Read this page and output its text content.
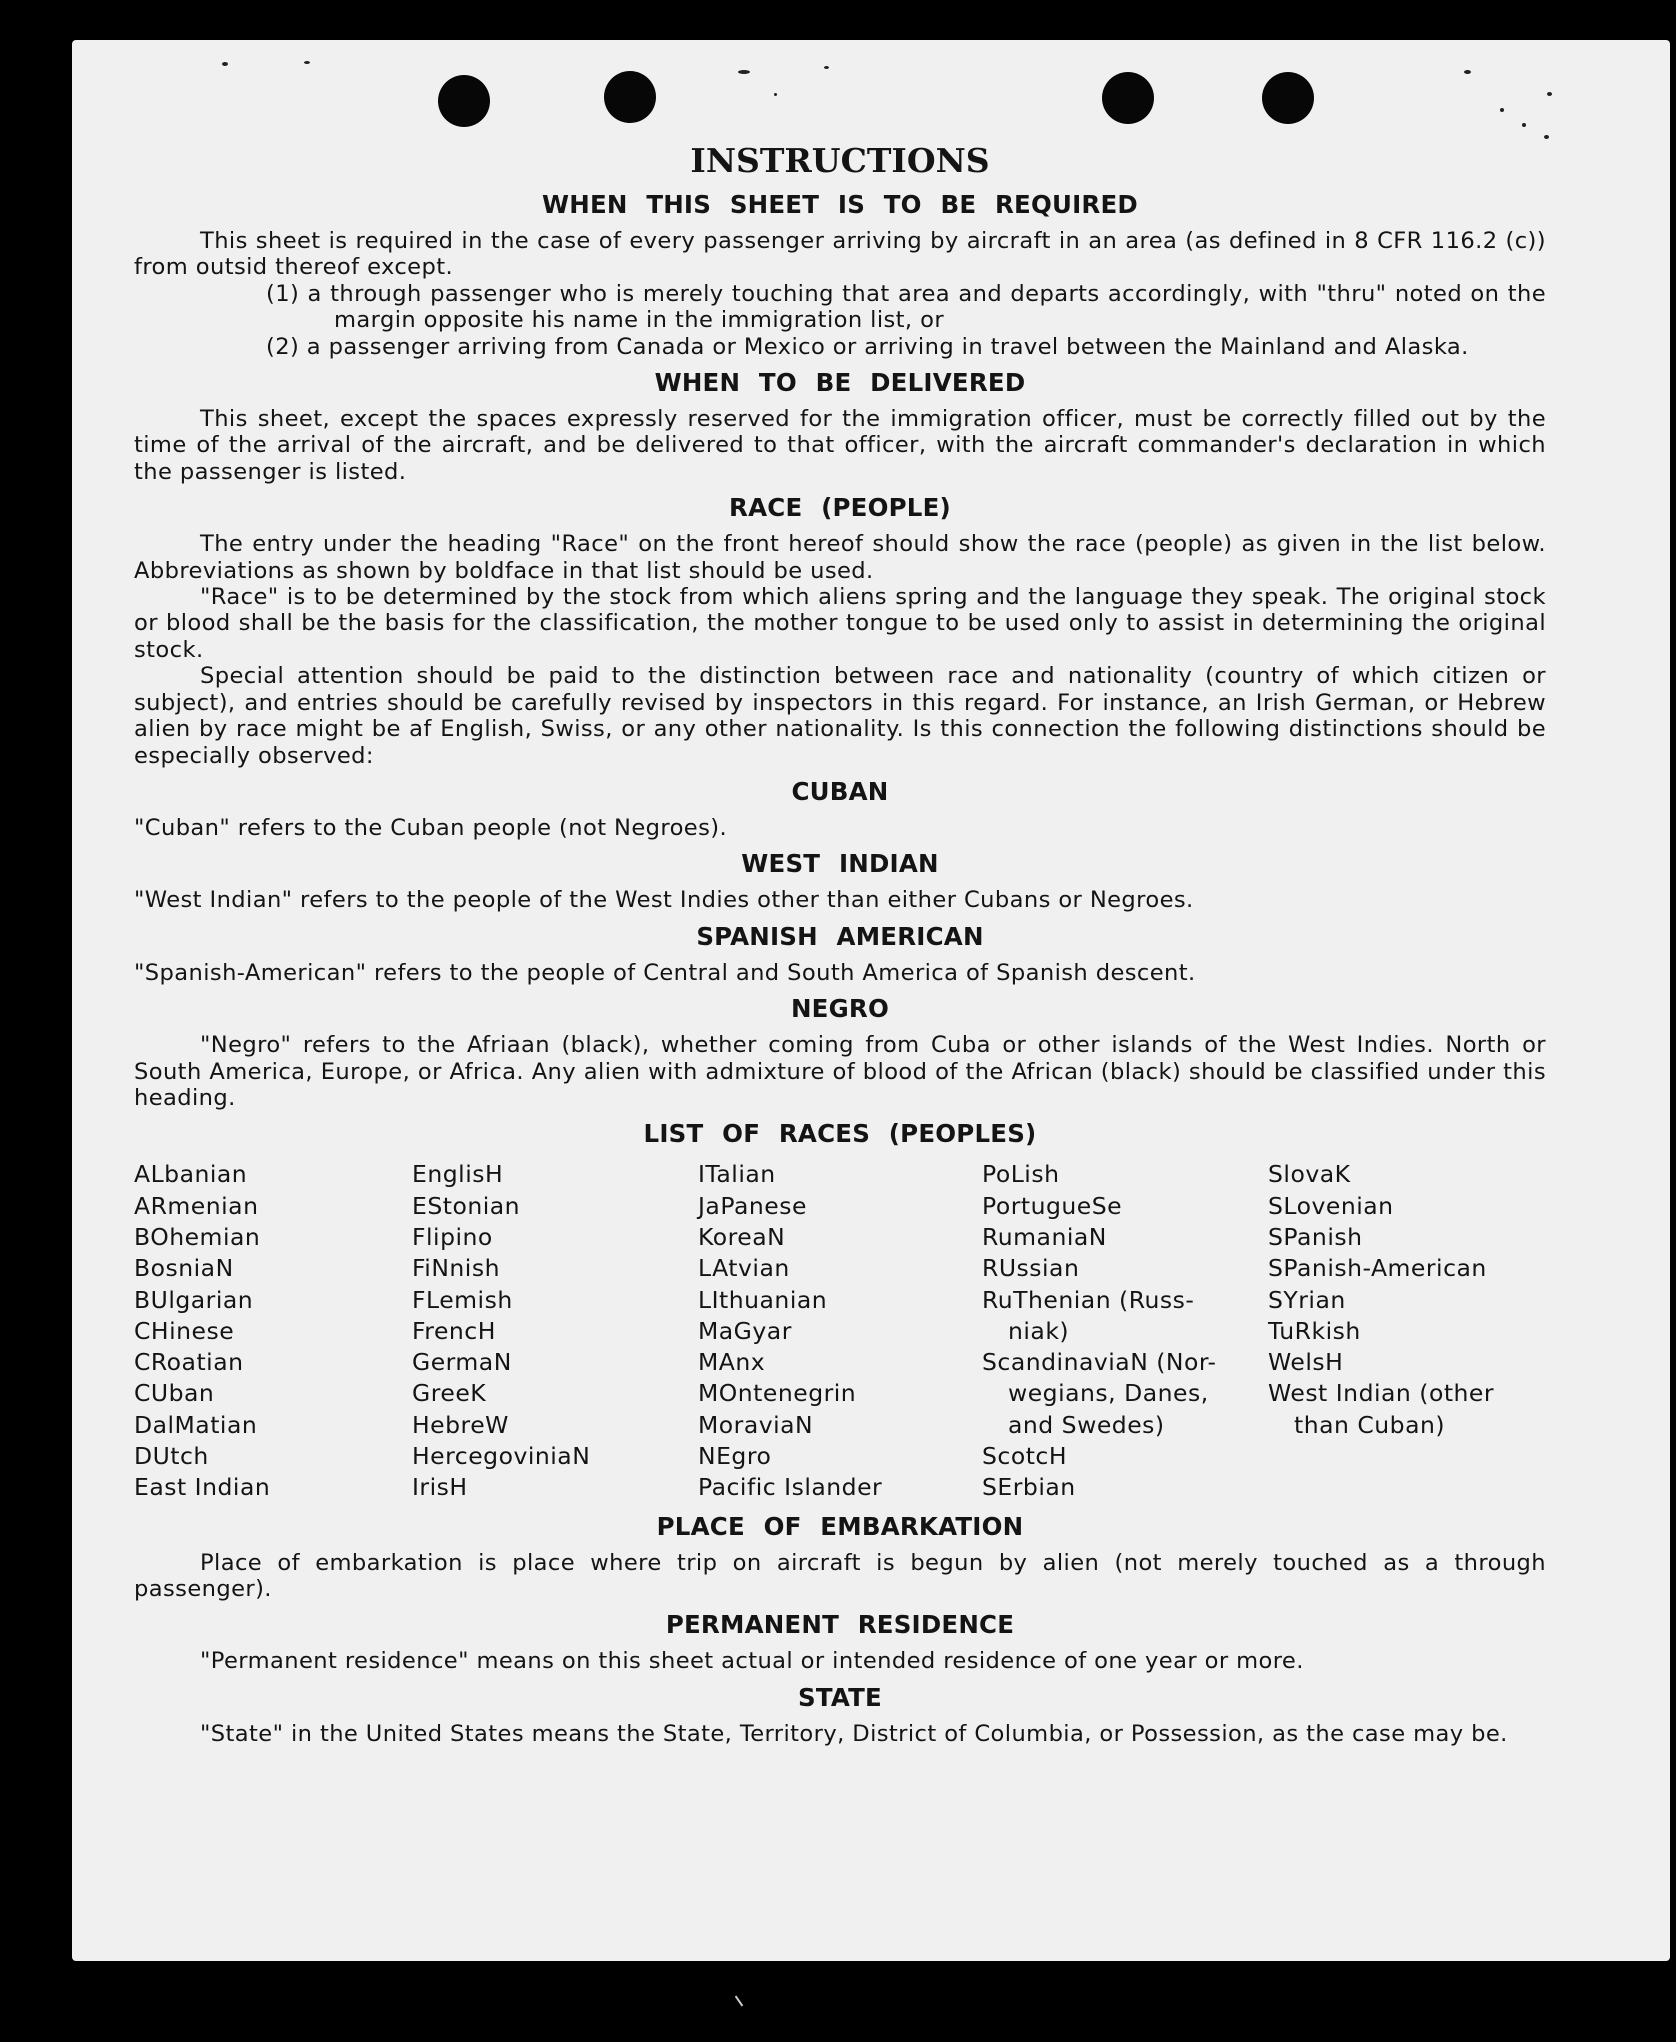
INSTRUCTIONS
WHEN THIS SHEET IS TO BE REQUIRED

This sheet is required in the case of every passenger arriving by aircraft in an area (as defined in 8 CFR 116.2 (c)) from outsid thereof except.

(1) a through passenger who is merely touching that area and departs accordingly, with "thru" noted on the margin opposite his name in the immigration list, or

(2) a passenger arriving from Canada or Mexico or arriving in travel between the Mainland and Alaska.

WHEN TO BE DELIVERED

This sheet, except the spaces expressly reserved for the immigration officer, must be correctly filled out by the time of the arrival of the aircraft, and be delivered to that officer, with the aircraft commander's declaration in which the passenger is listed.

RACE (PEOPLE)

The entry under the heading "Race" on the front hereof should show the race (people) as given in the list below. Abbreviations as shown by boldface in that list should be used.

"Race" is to be determined by the stock from which aliens spring and the language they speak. The original stock or blood shall be the basis for the classification, the mother tongue to be used only to assist in determining the original stock.

Special attention should be paid to the distinction between race and nationality (country of which citizen or subject), and entries should be carefully revised by inspectors in this regard. For instance, an Irish German, or Hebrew alien by race might be af English, Swiss, or any other nationality. Is this connection the following distinctions should be especially observed:

CUBAN

"Cuban" refers to the Cuban people (not Negroes).

WEST INDIAN

"West Indian" refers to the people of the West Indies other than either Cubans or Negroes.

SPANISH AMERICAN

"Spanish-American" refers to the people of Central and South America of Spanish descent.

NEGRO

"Negro" refers to the Afriaan (black), whether coming from Cuba or other islands of the West Indies. North or South America, Europe, or Africa. Any alien with admixture of blood of the African (black) should be classified under this heading.

LIST OF RACES (PEOPLES)
ALbanian
ARmenian
BOhemian
BosniaN
BUlgarian
CHinese
CRoatian
CUban
DalMatian
DUtch
East Indian
EnglisH
EStonian
Flipino
FiNnish
FLemish
FrencH
GermaN
GreeK
HebreW
HercegoviniaN
IrisH
ITalian
JaPanese
KoreaN
LAtvian
LIthuanian
MaGyar
MAnx
MOntenegrin
MoraviaN
NEgro
Pacific Islander
PoLish
PortugueSe
RumaniaN
RUssian
RuThenian (Russ-
niak)
ScandinaviaN (Nor-
wegians, Danes,
and Swedes)
ScotcH
SErbian
SlovaK
SLovenian
SPanish
SPanish-American
SYrian
TuRkish
WelsH
West Indian (other
than Cuban)
PLACE OF EMBARKATION

Place of embarkation is place where trip on aircraft is begun by alien (not merely touched as a through passenger).

PERMANENT RESIDENCE

"Permanent residence" means on this sheet actual or intended residence of one year or more.

STATE

"State" in the United States means the State, Territory, District of Columbia, or Possession, as the case may be.
